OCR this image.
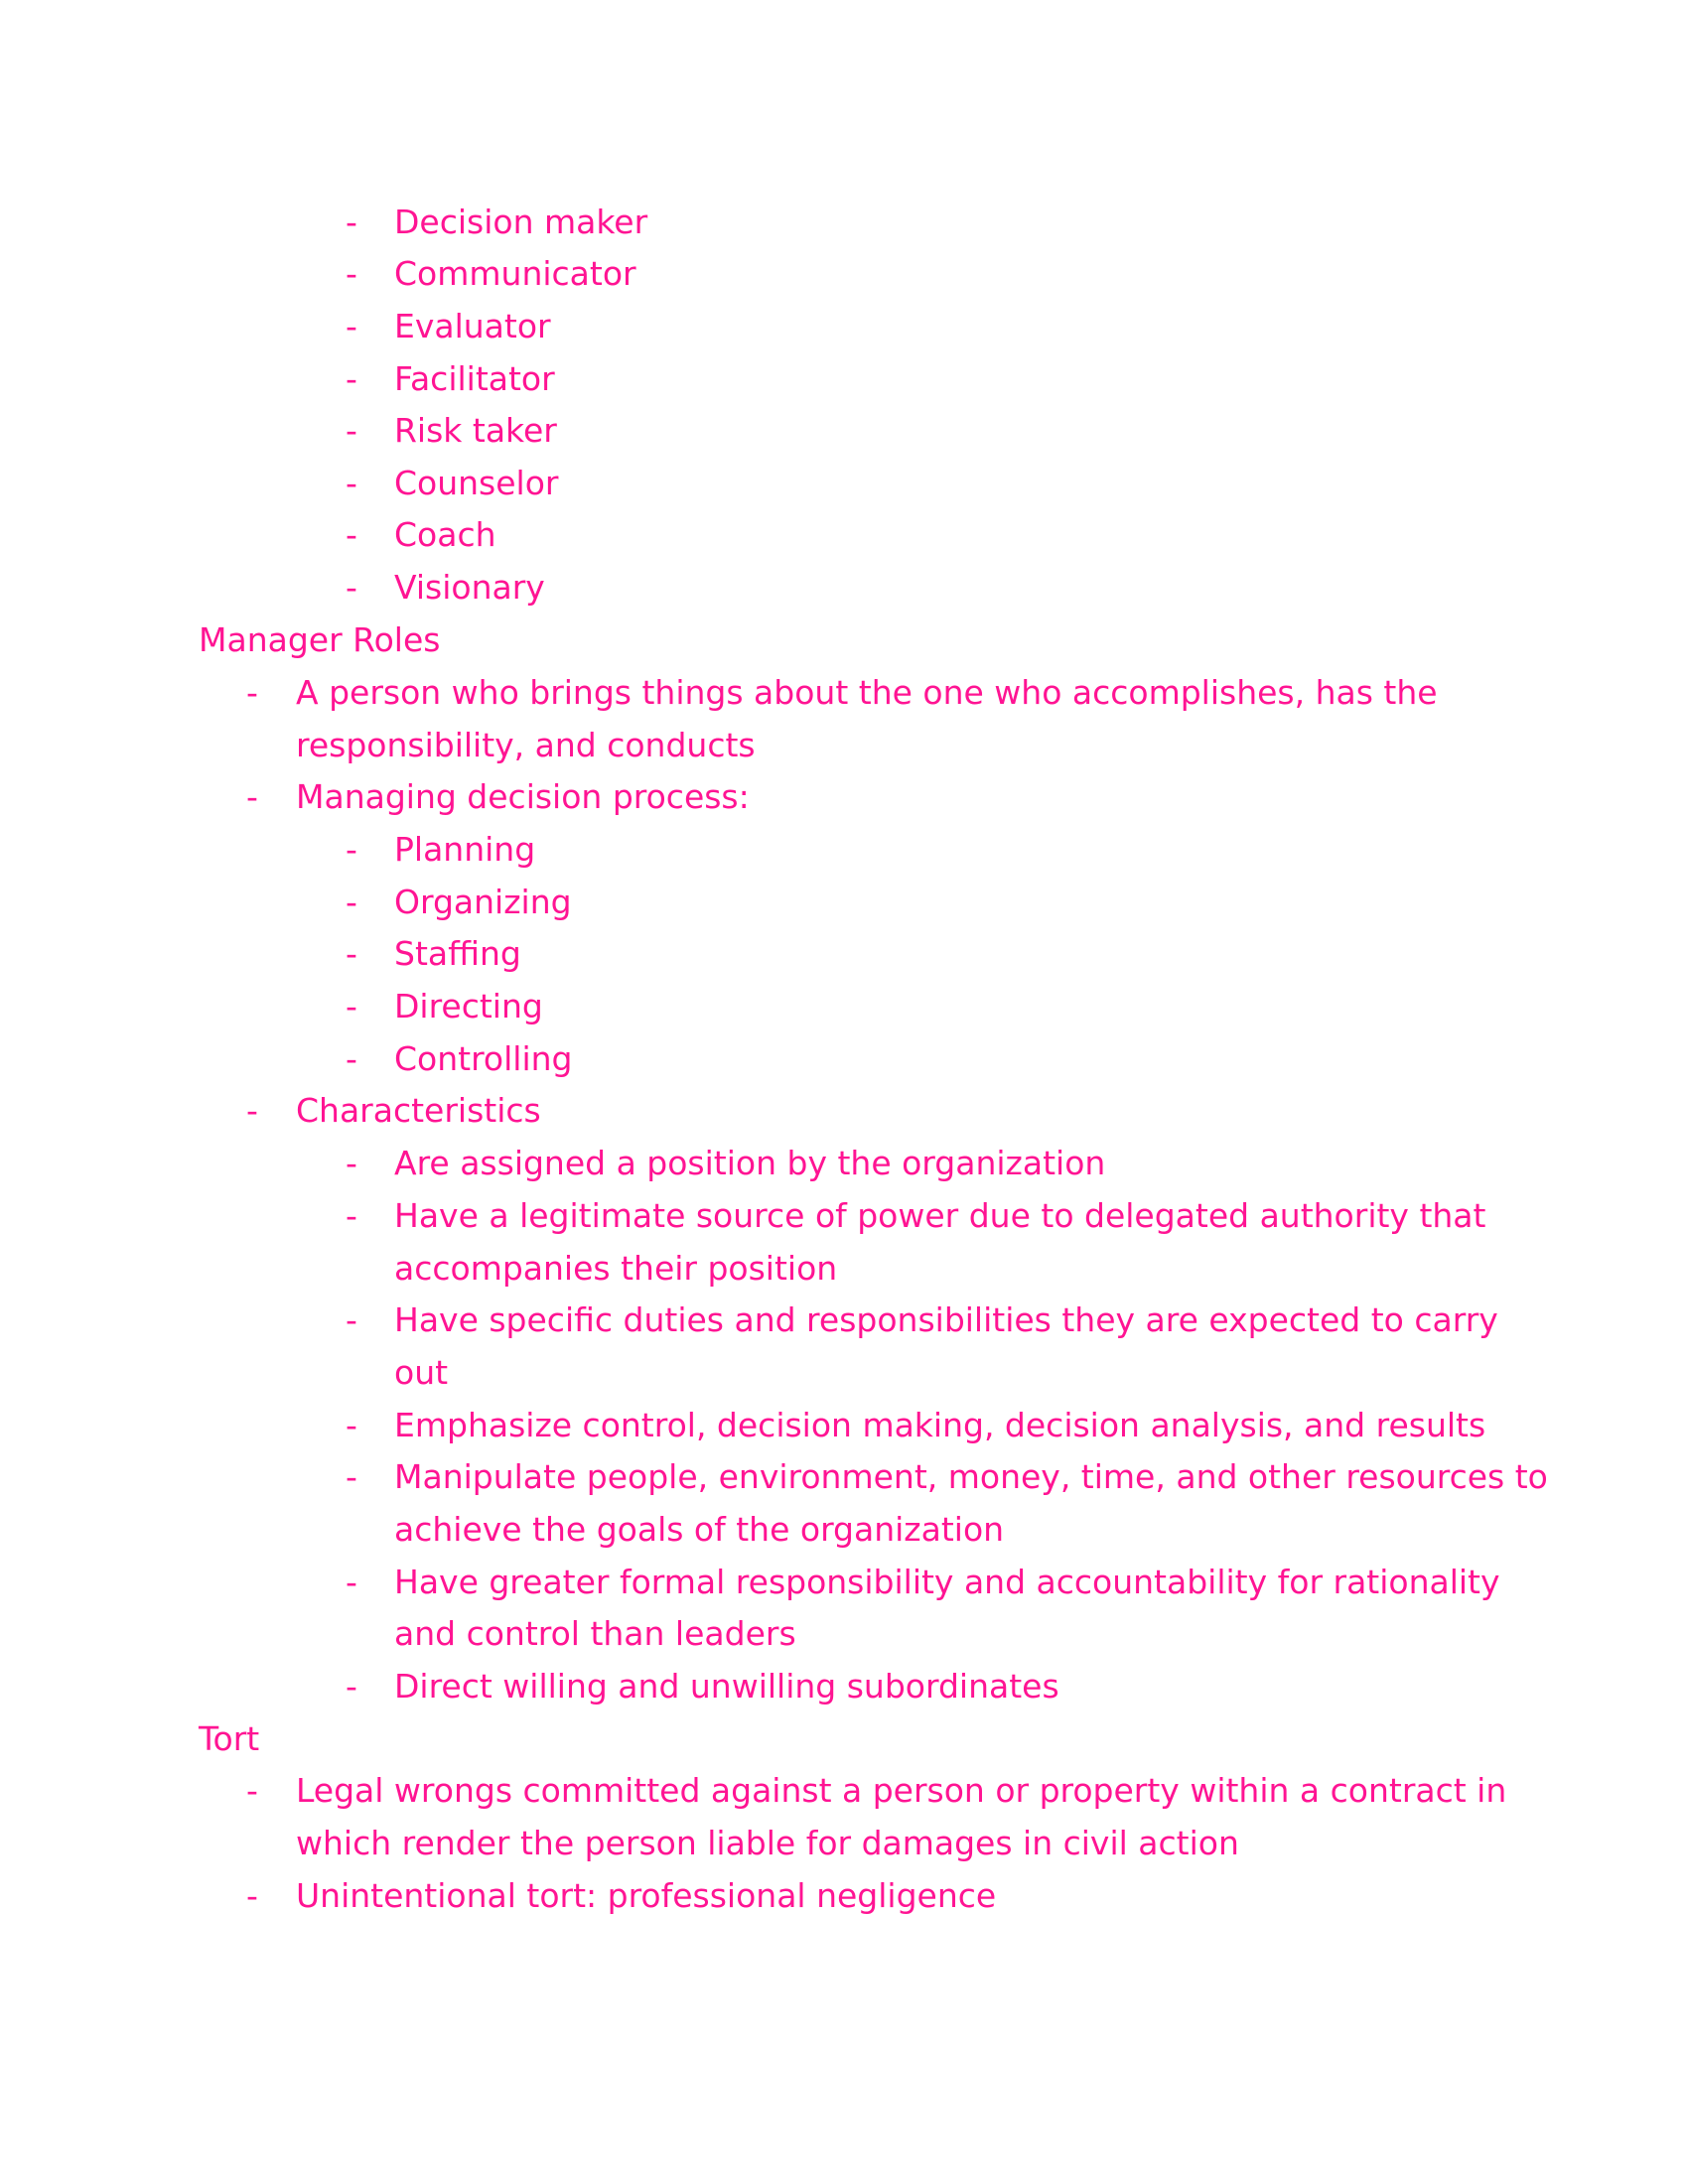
- Decision maker
- Communicator
- Evaluator
- Facilitator
- Risk taker
- Counselor
- Coach
- Visionary
Manager Roles
- A person who brings things about the one who accomplishes, has the
responsibility, and conducts
- Managing decision process:
- Planning
- Organizing
- Staffing
- Directing
- Controlling
- Characteristics
- Are assigned a position by the organization
- Have a legitimate source of power due to delegated authority that
accompanies their position
- Have specific duties and responsibilities they are expected to carry
out
- Emphasize control, decision making, decision analysis, and results
- Manipulate people, environment, money, time, and other resources to
achieve the goals of the organization
- Have greater formal responsibility and accountability for rationality
and control than leaders
- Direct willing and unwilling subordinates
Tort
- Legal wrongs committed against a person or property within a contract in
which render the person liable for damages in civil action
- Unintentional tort: professional negligence
